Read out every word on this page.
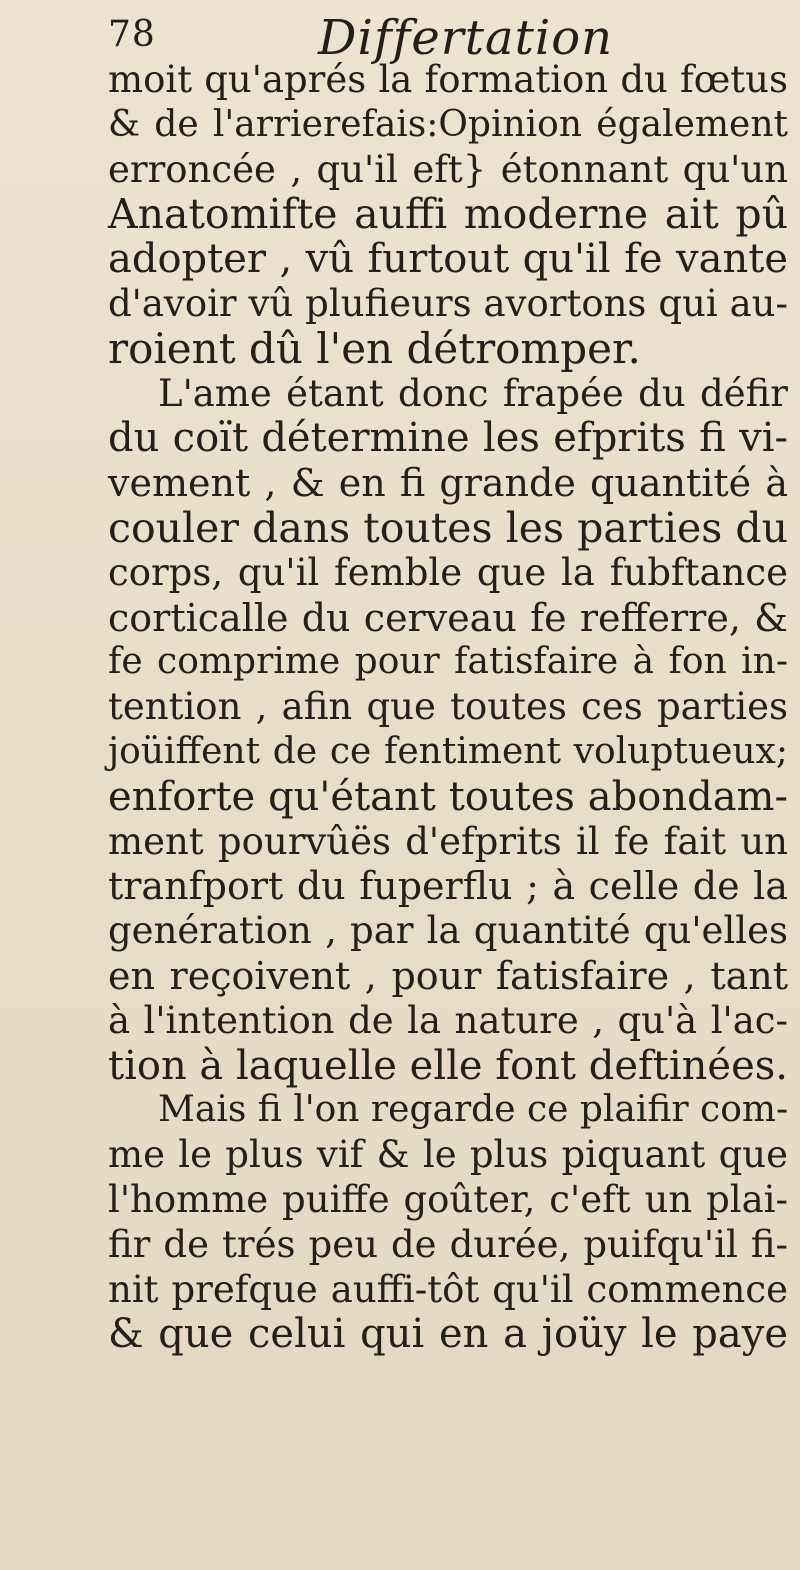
78	Differtation
moit qu'aprés la formation du fœtus
& de l'arrierefais:Opinion également
erroncée , qu'il eft} étonnant qu'un
Anatomifte auffi moderne ait pû
adopter , vû furtout qu'il fe vante
d'avoir vû plufieurs avortons qui au-
roient dû l'en détromper.
L'ame étant donc frapée du défir
du coït détermine les efprits fi vi-
vement , & en fi grande quantité à
couler dans toutes les parties du
corps, qu'il femble que la fubftance
corticalle du cerveau fe refferre, &
fe comprime pour fatisfaire à fon in-
tention , afin que toutes ces parties
joüiffent de ce fentiment voluptueux;
enforte qu'étant toutes abondam-
ment pourvûës d'efprits il fe fait un
tranfport du fuperflu ; à celle de la
genération , par la quantité qu'elles
en reçoivent , pour fatisfaire , tant
à l'intention de la nature , qu'à l'ac-
tion à laquelle elle font deftinées.
Mais fi l'on regarde ce plaifir com-
me le plus vif & le plus piquant que
l'homme puiffe goûter, c'eft un plai-
fir de trés peu de durée, puifqu'il fi-
nit prefque auffi-tôt qu'il commence
& que celui qui en a joüy le paye
